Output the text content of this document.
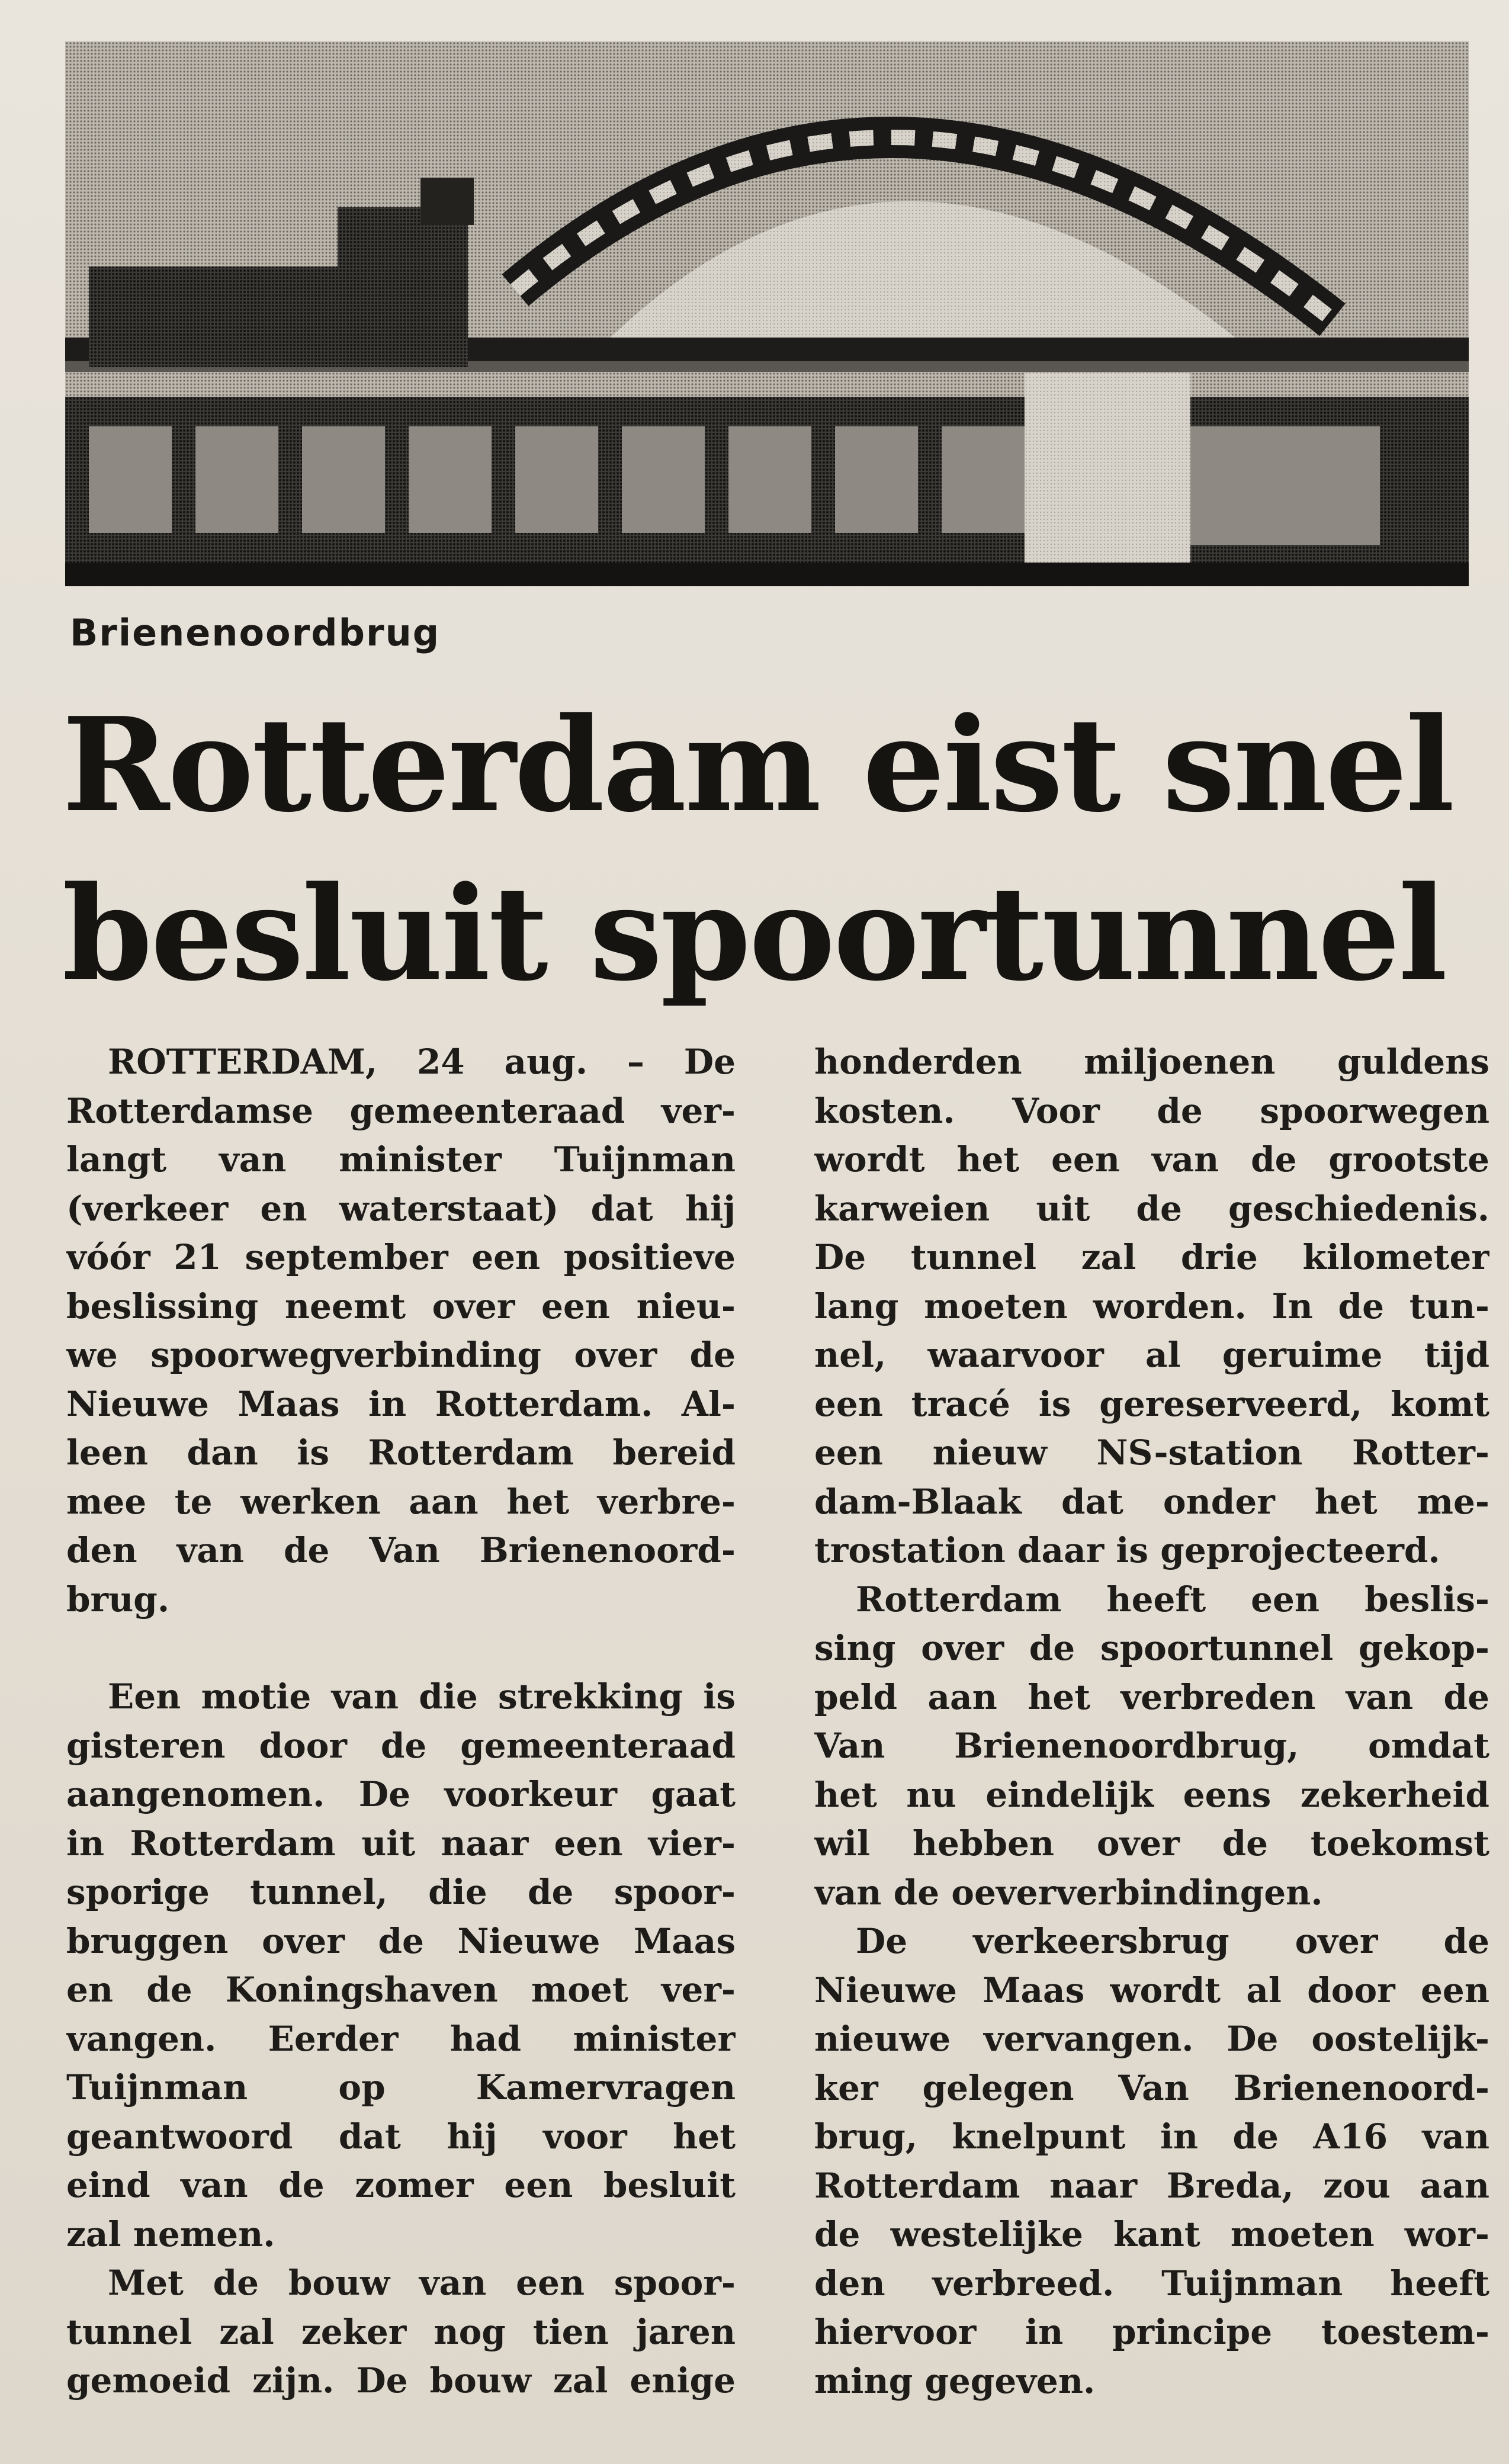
Brienenoordbrug
Rotterdam eist snel
besluit spoortunnel
ROTTERDAM, 24 aug. – De
Rotterdamse gemeenteraad ver-
langt van minister Tuijnman
(verkeer en waterstaat) dat hij
vóór 21 september een positieve
beslissing neemt over een nieu-
we spoorwegverbinding over de
Nieuwe Maas in Rotterdam. Al-
leen dan is Rotterdam bereid
mee te werken aan het verbre-
den van de Van Brienenoord-
brug.
Een motie van die strekking is
gisteren door de gemeenteraad
aangenomen. De voorkeur gaat
in Rotterdam uit naar een vier-
sporige tunnel, die de spoor-
bruggen over de Nieuwe Maas
en de Koningshaven moet ver-
vangen. Eerder had minister
Tuijnman op Kamervragen
geantwoord dat hij voor het
eind van de zomer een besluit
zal nemen.
Met de bouw van een spoor-
tunnel zal zeker nog tien jaren
gemoeid zijn. De bouw zal enige
honderden miljoenen guldens
kosten. Voor de spoorwegen
wordt het een van de grootste
karweien uit de geschiedenis.
De tunnel zal drie kilometer
lang moeten worden. In de tun-
nel, waarvoor al geruime tijd
een tracé is gereserveerd, komt
een nieuw NS-station Rotter-
dam-Blaak dat onder het me-
trostation daar is geprojecteerd.
Rotterdam heeft een beslis-
sing over de spoortunnel gekop-
peld aan het verbreden van de
Van Brienenoordbrug, omdat
het nu eindelijk eens zekerheid
wil hebben over de toekomst
van de oeververbindingen.
De verkeersbrug over de
Nieuwe Maas wordt al door een
nieuwe vervangen. De oostelijk-
ker gelegen Van Brienenoord-
brug, knelpunt in de A16 van
Rotterdam naar Breda, zou aan
de westelijke kant moeten wor-
den verbreed. Tuijnman heeft
hiervoor in principe toestem-
ming gegeven.
